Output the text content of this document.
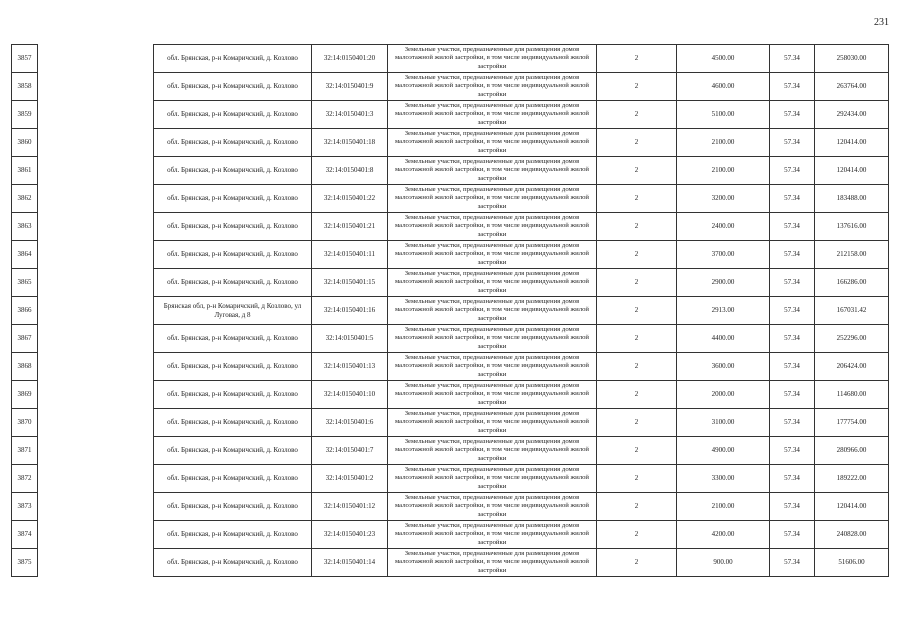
231
3857		обл. Брянская, р-н Комаричский, д. Козлово	32:14:0150401:20	Земельные участки, предназначенные для размещения домов малоэтажной жилой застройки, в том числе индивидуальной жилой застройки	2	4500.00	57.34	258030.00
3858		обл. Брянская, р-н Комаричский, д. Козлово	32:14:0150401:9	Земельные участки, предназначенные для размещения домов малоэтажной жилой застройки, в том числе индивидуальной жилой застройки	2	4600.00	57.34	263764.00
3859		обл. Брянская, р-н Комаричский, д. Козлово	32:14:0150401:3	Земельные участки, предназначенные для размещения домов малоэтажной жилой застройки, в том числе индивидуальной жилой застройки	2	5100.00	57.34	292434.00
3860		обл. Брянская, р-н Комаричский, д. Козлово	32:14:0150401:18	Земельные участки, предназначенные для размещения домов малоэтажной жилой застройки, в том числе индивидуальной жилой застройки	2	2100.00	57.34	120414.00
3861		обл. Брянская, р-н Комаричский, д. Козлово	32:14:0150401:8	Земельные участки, предназначенные для размещения домов малоэтажной жилой застройки, в том числе индивидуальной жилой застройки	2	2100.00	57.34	120414.00
3862		обл. Брянская, р-н Комаричский, д. Козлово	32:14:0150401:22	Земельные участки, предназначенные для размещения домов малоэтажной жилой застройки, в том числе индивидуальной жилой застройки	2	3200.00	57.34	183488.00
3863		обл. Брянская, р-н Комаричский, д. Козлово	32:14:0150401:21	Земельные участки, предназначенные для размещения домов малоэтажной жилой застройки, в том числе индивидуальной жилой застройки	2	2400.00	57.34	137616.00
3864		обл. Брянская, р-н Комаричский, д. Козлово	32:14:0150401:11	Земельные участки, предназначенные для размещения домов малоэтажной жилой застройки, в том числе индивидуальной жилой застройки	2	3700.00	57.34	212158.00
3865		обл. Брянская, р-н Комаричский, д. Козлово	32:14:0150401:15	Земельные участки, предназначенные для размещения домов малоэтажной жилой застройки, в том числе индивидуальной жилой застройки	2	2900.00	57.34	166286.00
3866		Брянская обл, р-н Комаричский, д Козлово, ул Луговая, д 8	32:14:0150401:16	Земельные участки, предназначенные для размещения домов малоэтажной жилой застройки, в том числе индивидуальной жилой застройки	2	2913.00	57.34	167031.42
3867		обл. Брянская, р-н Комаричский, д. Козлово	32:14:0150401:5	Земельные участки, предназначенные для размещения домов малоэтажной жилой застройки, в том числе индивидуальной жилой застройки	2	4400.00	57.34	252296.00
3868		обл. Брянская, р-н Комаричский, д. Козлово	32:14:0150401:13	Земельные участки, предназначенные для размещения домов малоэтажной жилой застройки, в том числе индивидуальной жилой застройки	2	3600.00	57.34	206424.00
3869		обл. Брянская, р-н Комаричский, д. Козлово	32:14:0150401:10	Земельные участки, предназначенные для размещения домов малоэтажной жилой застройки, в том числе индивидуальной жилой застройки	2	2000.00	57.34	114680.00
3870		обл. Брянская, р-н Комаричский, д. Козлово	32:14:0150401:6	Земельные участки, предназначенные для размещения домов малоэтажной жилой застройки, в том числе индивидуальной жилой застройки	2	3100.00	57.34	177754.00
3871		обл. Брянская, р-н Комаричский, д. Козлово	32:14:0150401:7	Земельные участки, предназначенные для размещения домов малоэтажной жилой застройки, в том числе индивидуальной жилой застройки	2	4900.00	57.34	280966.00
3872		обл. Брянская, р-н Комаричский, д. Козлово	32:14:0150401:2	Земельные участки, предназначенные для размещения домов малоэтажной жилой застройки, в том числе индивидуальной жилой застройки	2	3300.00	57.34	189222.00
3873		обл. Брянская, р-н Комаричский, д. Козлово	32:14:0150401:12	Земельные участки, предназначенные для размещения домов малоэтажной жилой застройки, в том числе индивидуальной жилой застройки	2	2100.00	57.34	120414.00
3874		обл. Брянская, р-н Комаричский, д. Козлово	32:14:0150401:23	Земельные участки, предназначенные для размещения домов малоэтажной жилой застройки, в том числе индивидуальной жилой застройки	2	4200.00	57.34	240828.00
3875		обл. Брянская, р-н Комаричский, д. Козлово	32:14:0150401:14	Земельные участки, предназначенные для размещения домов малоэтажной жилой застройки, в том числе индивидуальной жилой застройки	2	900.00	57.34	51606.00
